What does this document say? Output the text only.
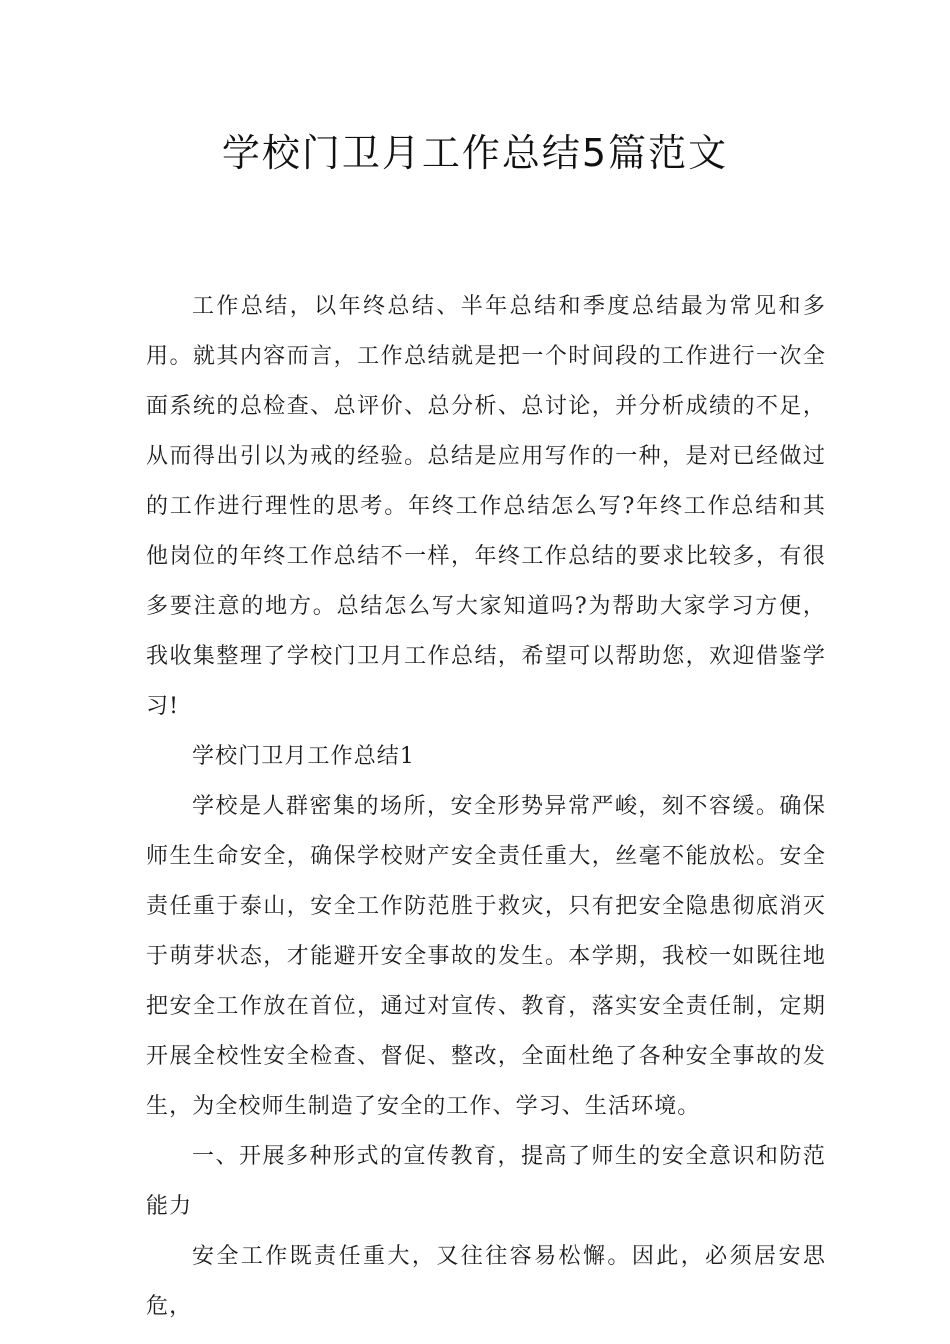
学校门卫月工作总结5篇范文

工作总结，以年终总结、半年总结和季度总结最为常见和多用。就其内容而言，工作总结就是把一个时间段的工作进行一次全面系统的总检查、总评价、总分析、总讨论，并分析成绩的不足，从而得出引以为戒的经验。总结是应用写作的一种，是对已经做过的工作进行理性的思考。年终工作总结怎么写?年终工作总结和其他岗位的年终工作总结不一样，年终工作总结的要求比较多，有很多要注意的地方。总结怎么写大家知道吗?为帮助大家学习方便，我收集整理了学校门卫月工作总结，希望可以帮助您，欢迎借鉴学习!

学校门卫月工作总结1

学校是人群密集的场所，安全形势异常严峻，刻不容缓。确保师生生命安全，确保学校财产安全责任重大，丝毫不能放松。安全责任重于泰山，安全工作防范胜于救灾，只有把安全隐患彻底消灭于萌芽状态，才能避开安全事故的发生。本学期，我校一如既往地把安全工作放在首位，通过对宣传、教育，落实安全责任制，定期开展全校性安全检查、督促、整改，全面杜绝了各种安全事故的发生，为全校师生制造了安全的工作、学习、生活环境。

一、开展多种形式的宣传教育，提高了师生的安全意识和防范能力

安全工作既责任重大，又往往容易松懈。因此，必须居安思危，
